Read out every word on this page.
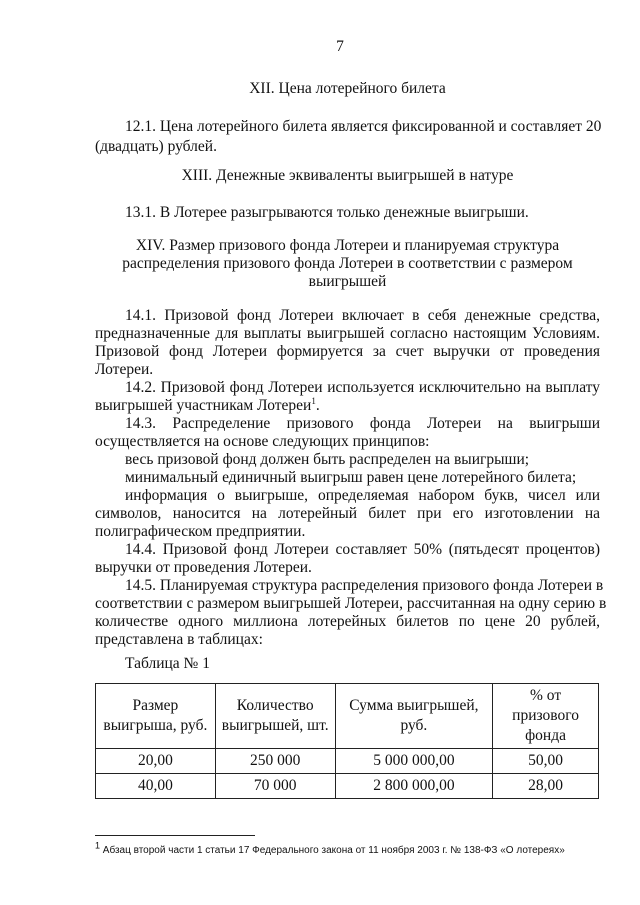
7
XII. Цена лотерейного билета
12.1. Цена лотерейного билета является фиксированной и составляет 20
(двадцать) рублей.
XIII. Денежные эквиваленты выигрышей в натуре
13.1. В Лотерее разыгрываются только денежные выигрыши.
XIV. Размер призового фонда Лотереи и планируемая структура
распределения призового фонда Лотереи в соответствии с размером
выигрышей
14.1. Призовой фонд Лотереи включает в себя денежные средства,
предназначенные для выплаты выигрышей согласно настоящим Условиям.
Призовой фонд Лотереи формируется за счет выручки от проведения
Лотереи.
14.2. Призовой фонд Лотереи используется исключительно на выплату
выигрышей участникам Лотереи$^1$.
14.3. Распределение призового фонда Лотереи на выигрыши
осуществляется на основе следующих принципов:
весь призовой фонд должен быть распределен на выигрыши;
минимальный единичный выигрыш равен цене лотерейного билета;
информация о выигрыше, определяемая набором букв, чисел или
символов, наносится на лотерейный билет при его изготовлении на
полиграфическом предприятии.
14.4. Призовой фонд Лотереи составляет 50% (пятьдесят процентов)
выручки от проведения Лотереи.
14.5. Планируемая структура распределения призового фонда Лотереи в
соответствии с размером выигрышей Лотереи, рассчитанная на одну серию в
количестве одного миллиона лотерейных билетов по цене 20 рублей,
представлена в таблицах:
Таблица № 1
Размер выигрыша, руб.	Количество выигрышей, шт.	Сумма выигрышей, руб.	% от призового фонда
20,00	250 000	5 000 000,00	50,00
40,00	70 000	2 800 000,00	28,00
$^1$ Абзац второй части 1 статьи 17 Федерального закона от 11 ноября 2003 г. № 138-ФЗ «О лотереях»
